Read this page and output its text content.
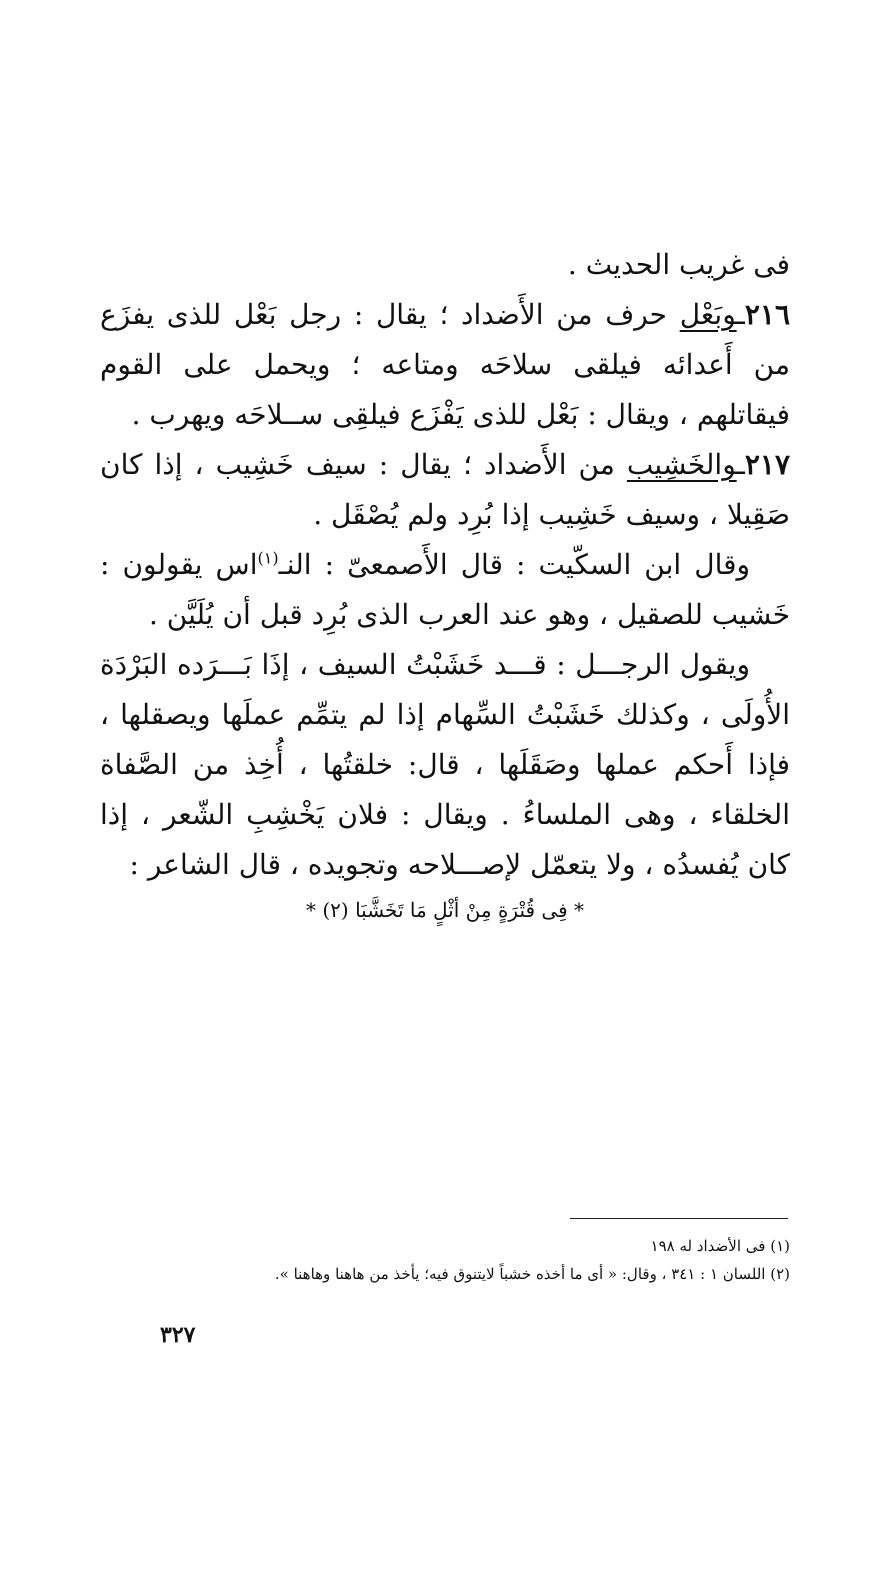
فى غريب الحديث .

٢١٦ـوبَعْل حرف من الأَضداد ؛ يقال : رجل بَعْل للذى يفزَع من أَعدائه فيلقى سلاحَه ومتاعه ؛ ويحمل على القوم فيقاتلهم ، ويقال : بَعْل للذى يَفْزَع فيلقِى ســلاحَه ويهرب .

٢١٧ـوالخَشِيب من الأَضداد ؛ يقال : سيف خَشِيب ، إذا كان صَقِيلا ، وسيف خَشِيب إذا بُرِد ولم يُصْقَل .

وقال ابن السكّيت : قال الأَصمعىّ : النـ$^{(١)}$اس يقولون : خَشيب للصقيل ، وهو عند العرب الذى بُرِد قبل أن يُلَيَّن .

ويقول الرجـــل : قـــد خَشَبْتُ السيف ، إذَا بَـــرَده البَرْدَة الأُولَى ، وكذلك خَشَبْتُ السِّهام إذا لم يتمِّم عملَها ويصقلها ، فإذا أَحكم عملها وصَقَلَها ، قال: خلقتُها ، أُخِذ من الصَّفاة الخلقاء ، وهى الملساءُ . ويقال : فلان يَخْشِبِ الشّعر ، إذا كان يُفسدُه ، ولا يتعمّل لإصـــلاحه وتجويده ، قال الشاعر :

* فِى قُتْرَةٍ مِنْ أثْلٍ مَا تَخَشَّبَا (٢) *

(١) فى الأضداد له ١٩٨

(٢) اللسان ١ : ٣٤١ ، وقال: « أى ما أخذه خشباً لايتنوق فيه؛ يأخذ من هاهنا وهاهنا ».

٣٢٧
